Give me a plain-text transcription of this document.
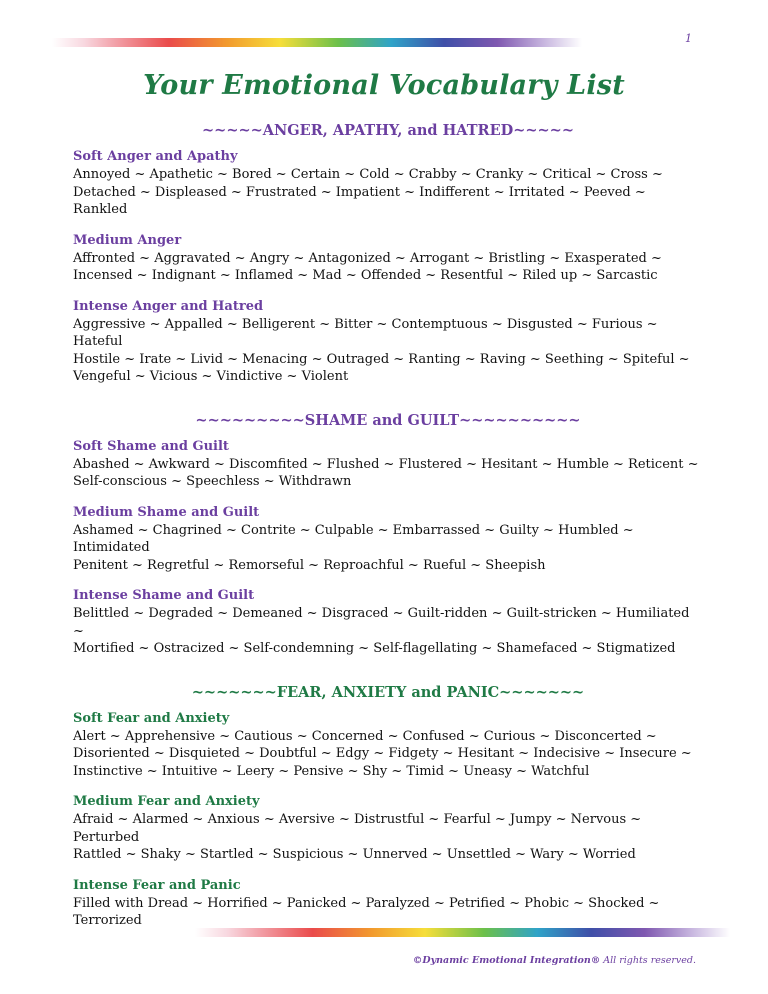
1
Your Emotional Vocabulary List
~~~~~ANGER, APATHY, and HATRED~~~~~
Soft Anger and Apathy

Annoyed ~ Apathetic ~ Bored ~ Certain ~ Cold ~ Crabby ~ Cranky ~ Critical ~ Cross ~
Detached ~ Displeased ~ Frustrated ~ Impatient ~ Indifferent ~ Irritated ~ Peeved ~ Rankled

Medium Anger

Affronted ~ Aggravated ~ Angry ~ Antagonized ~ Arrogant ~ Bristling ~ Exasperated ~
Incensed ~ Indignant ~ Inflamed ~ Mad ~ Offended ~ Resentful ~ Riled up ~ Sarcastic

Intense Anger and Hatred

Aggressive ~ Appalled ~ Belligerent ~ Bitter ~ Contemptuous ~ Disgusted ~ Furious ~ Hateful
Hostile ~ Irate ~ Livid ~ Menacing ~ Outraged ~ Ranting ~ Raving ~ Seething ~ Spiteful ~
Vengeful ~ Vicious ~ Vindictive ~ Violent

~~~~~~~~~SHAME and GUILT~~~~~~~~~~
Soft Shame and Guilt

Abashed ~ Awkward ~ Discomfited ~ Flushed ~ Flustered ~ Hesitant ~ Humble ~ Reticent ~
Self-conscious ~ Speechless ~ Withdrawn

Medium Shame and Guilt

Ashamed ~ Chagrined ~ Contrite ~ Culpable ~ Embarrassed ~ Guilty ~ Humbled ~ Intimidated
Penitent ~ Regretful ~ Remorseful ~ Reproachful ~ Rueful ~ Sheepish

Intense Shame and Guilt

Belittled ~ Degraded ~ Demeaned ~ Disgraced ~ Guilt-ridden ~ Guilt-stricken ~ Humiliated ~
Mortified ~ Ostracized ~ Self-condemning ~ Self-flagellating ~ Shamefaced ~ Stigmatized

~~~~~~~FEAR, ANXIETY and PANIC~~~~~~~
Soft Fear and Anxiety

Alert ~ Apprehensive ~ Cautious ~ Concerned ~ Confused ~ Curious ~ Disconcerted ~
Disoriented ~ Disquieted ~ Doubtful ~ Edgy ~ Fidgety ~ Hesitant ~ Indecisive ~ Insecure ~
Instinctive ~ Intuitive ~ Leery ~ Pensive ~ Shy ~ Timid ~ Uneasy ~ Watchful

Medium Fear and Anxiety

Afraid ~ Alarmed ~ Anxious ~ Aversive ~ Distrustful ~ Fearful ~ Jumpy ~ Nervous ~ Perturbed
Rattled ~ Shaky ~ Startled ~ Suspicious ~ Unnerved ~ Unsettled ~ Wary ~ Worried

Intense Fear and Panic

Filled with Dread ~ Horrified ~ Panicked ~ Paralyzed ~ Petrified ~ Phobic ~ Shocked ~
Terrorized

©Dynamic Emotional Integration® All rights reserved.
